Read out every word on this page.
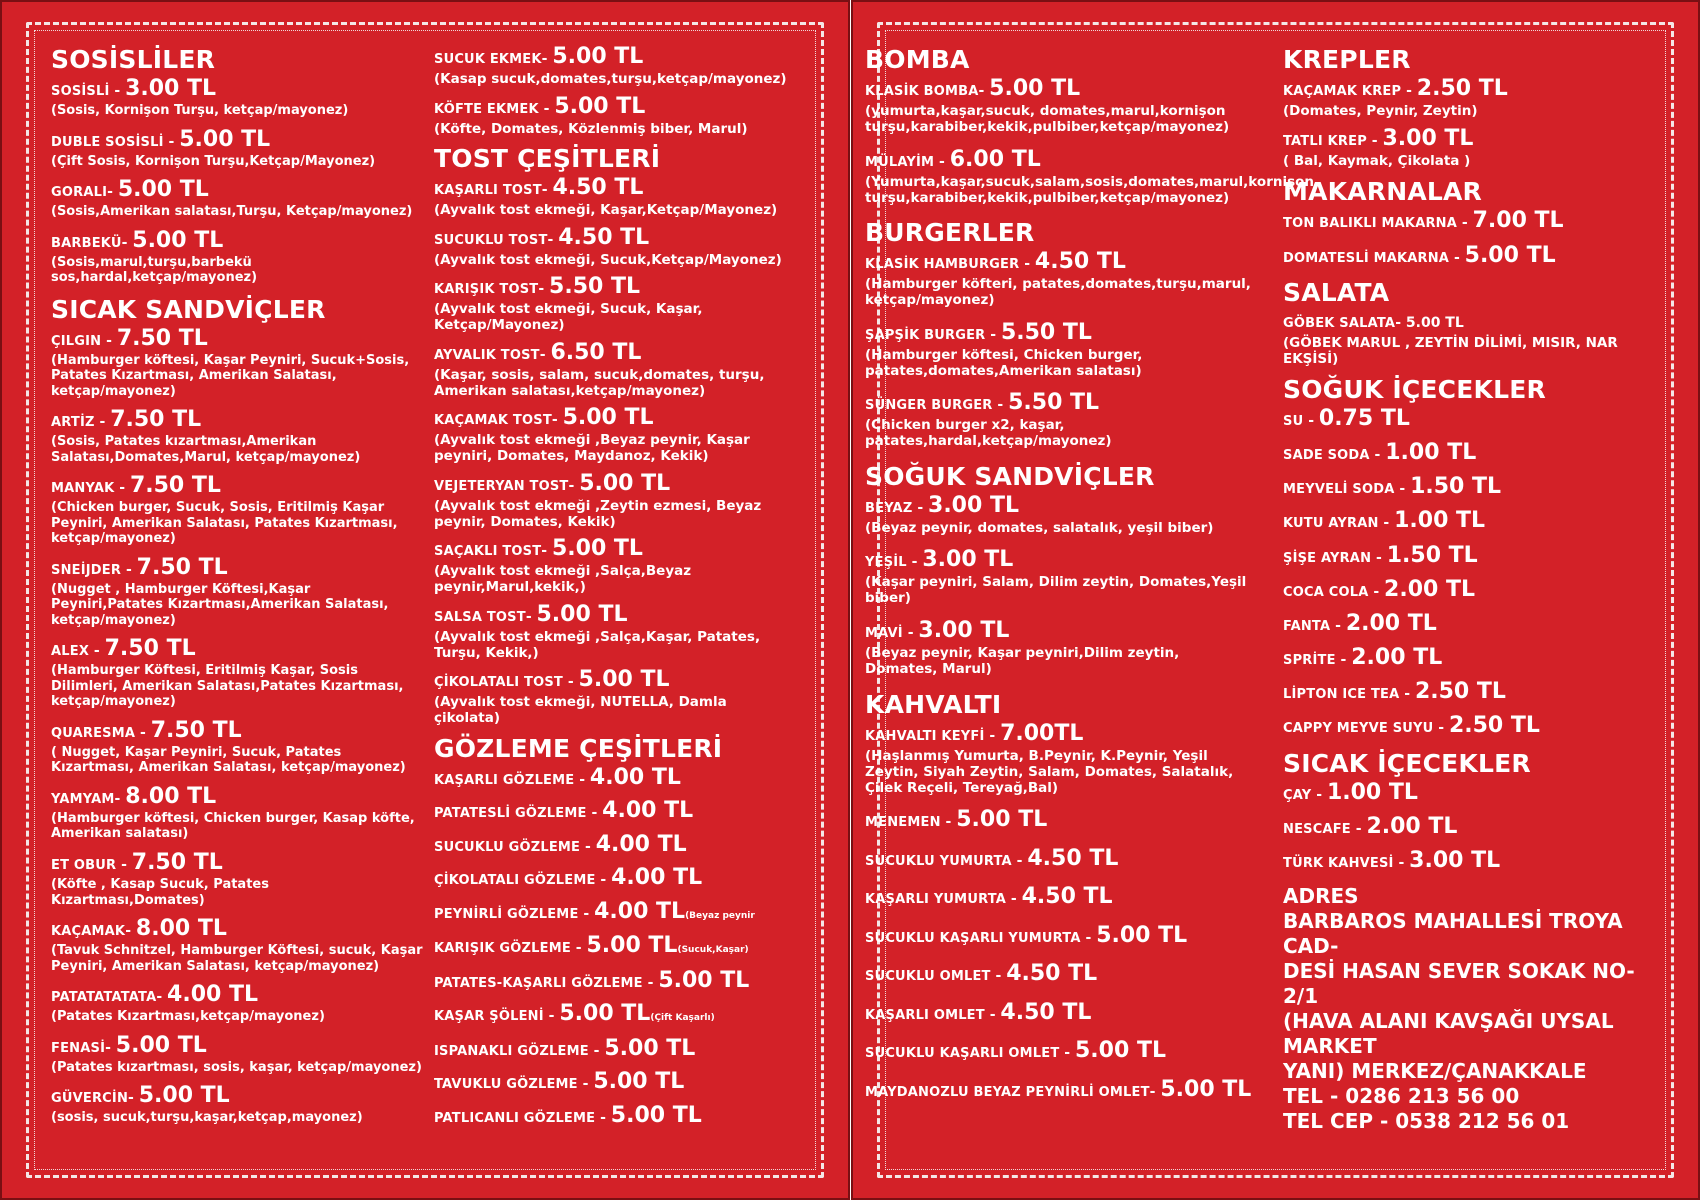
SOSİSLİLER
SOSİSLİ - 3.00 TL
(Sosis, Kornişon Turşu, ketçap/mayonez)
DUBLE SOSİSLİ - 5.00 TL
(Çift Sosis, Kornişon Turşu,Ketçap/Mayonez)
GORALI- 5.00 TL
(Sosis,Amerikan salatası,Turşu, Ketçap/mayonez)
BARBEKÜ- 5.00 TL
(Sosis,marul,turşu,barbekü sos,hardal,ketçap/mayonez)
SICAK SANDVİÇLER
ÇILGIN - 7.50 TL
(Hamburger köftesi, Kaşar Peyniri, Sucuk+Sosis, Patates Kızartması, Amerikan Salatası, ketçap/mayonez)
ARTİZ - 7.50 TL
(Sosis, Patates kızartması,Amerikan Salatası,Domates,Marul, ketçap/mayonez)
MANYAK - 7.50 TL
(Chicken burger, Sucuk, Sosis, Eritilmiş Kaşar Peyniri, Amerikan Salatası, Patates Kızartması, ketçap/mayonez)
SNEİJDER - 7.50 TL
(Nugget , Hamburger Köftesi,Kaşar Peyniri,Patates Kızartması,Amerikan Salatası, ketçap/mayonez)
ALEX - 7.50 TL
(Hamburger Köftesi, Eritilmiş Kaşar, Sosis Dilimleri, Amerikan Salatası,Patates Kızartması, ketçap/mayonez)
QUARESMA - 7.50 TL
( Nugget, Kaşar Peyniri, Sucuk, Patates Kızartması, Amerikan Salatası, ketçap/mayonez)
YAMYAM- 8.00 TL
(Hamburger köftesi, Chicken burger, Kasap köfte, Amerikan salatası)
ET OBUR - 7.50 TL
(Köfte , Kasap Sucuk, Patates Kızartması,Domates)
KAÇAMAK- 8.00 TL
(Tavuk Schnitzel, Hamburger Köftesi, sucuk, Kaşar Peyniri, Amerikan Salatası, ketçap/mayonez)
PATATATATATA- 4.00 TL
(Patates Kızartması,ketçap/mayonez)
FENASİ- 5.00 TL
(Patates kızartması, sosis, kaşar, ketçap/mayonez)
GÜVERCİN- 5.00 TL
(sosis, sucuk,turşu,kaşar,ketçap,mayonez)
SUCUK EKMEK- 5.00 TL
(Kasap sucuk,domates,turşu,ketçap/mayonez)
KÖFTE EKMEK - 5.00 TL
(Köfte, Domates, Közlenmiş biber, Marul)
TOST ÇEŞİTLERİ
KAŞARLI TOST- 4.50 TL
(Ayvalık tost ekmeği, Kaşar,Ketçap/Mayonez)
SUCUKLU TOST- 4.50 TL
(Ayvalık tost ekmeği, Sucuk,Ketçap/Mayonez)
KARIŞIK TOST- 5.50 TL
(Ayvalık tost ekmeği, Sucuk, Kaşar, Ketçap/Mayonez)
AYVALIK TOST- 6.50 TL
(Kaşar, sosis, salam, sucuk,domates, turşu, Amerikan salatası,ketçap/mayonez)
KAÇAMAK TOST- 5.00 TL
(Ayvalık tost ekmeği ,Beyaz peynir, Kaşar peyniri, Domates, Maydanoz, Kekik)
VEJETERYAN TOST- 5.00 TL
(Ayvalık tost ekmeği ,Zeytin ezmesi, Beyaz peynir, Domates, Kekik)
SAÇAKLI TOST- 5.00 TL
(Ayvalık tost ekmeği ,Salça,Beyaz peynir,Marul,kekik,)
SALSA TOST- 5.00 TL
(Ayvalık tost ekmeği ,Salça,Kaşar, Patates, Turşu, Kekik,)
ÇİKOLATALI TOST - 5.00 TL
(Ayvalık tost ekmeği, NUTELLA, Damla çikolata)
GÖZLEME ÇEŞİTLERİ
KAŞARLI GÖZLEME - 4.00 TL
PATATESLİ GÖZLEME - 4.00 TL
SUCUKLU GÖZLEME - 4.00 TL
ÇİKOLATALI GÖZLEME - 4.00 TL
PEYNİRLİ GÖZLEME - 4.00 TL(Beyaz peynir
KARIŞIK GÖZLEME - 5.00 TL(Sucuk,Kaşar)
PATATES-KAŞARLI GÖZLEME - 5.00 TL
KAŞAR ŞÖLENİ - 5.00 TL(Çift Kaşarlı)
ISPANAKLI GÖZLEME - 5.00 TL
TAVUKLU GÖZLEME - 5.00 TL
PATLICANLI GÖZLEME - 5.00 TL
BOMBA
KLASİK BOMBA- 5.00 TL
(yumurta,kaşar,sucuk, domates,marul,kornişon turşu,karabiber,kekik,pulbiber,ketçap/mayonez)
MÜLAYİM - 6.00 TL
(Yumurta,kaşar,sucuk,salam,sosis,domates,marul,kornişon turşu,karabiber,kekik,pulbiber,ketçap/mayonez)
BURGERLER
KLASİK HAMBURGER - 4.50 TL
(Hamburger köfteri, patates,domates,turşu,marul, ketçap/mayonez)
ŞAPŞİK BURGER - 5.50 TL
(Hamburger köftesi, Chicken burger, patates,domates,Amerikan salatası)
SÜNGER BURGER - 5.50 TL
(Chicken burger x2, kaşar, patates,hardal,ketçap/mayonez)
SOĞUK SANDVİÇLER
BEYAZ - 3.00 TL
(Beyaz peynir, domates, salatalık, yeşil biber)
YEŞİL - 3.00 TL
(Kaşar peyniri, Salam, Dilim zeytin, Domates,Yeşil biber)
MAVİ - 3.00 TL
(Beyaz peynir, Kaşar peyniri,Dilim zeytin, Domates, Marul)
KAHVALTI
KAHVALTI KEYFİ - 7.00TL
(Haşlanmış Yumurta, B.Peynir, K.Peynir, Yeşil Zeytin, Siyah Zeytin, Salam, Domates, Salatalık, Çilek Reçeli, Tereyağ,Bal)
MENEMEN - 5.00 TL
SUCUKLU YUMURTA - 4.50 TL
KAŞARLI YUMURTA - 4.50 TL
SUCUKLU KAŞARLI YUMURTA - 5.00 TL
SUCUKLU OMLET - 4.50 TL
KAŞARLI OMLET - 4.50 TL
SUCUKLU KAŞARLI OMLET - 5.00 TL
MAYDANOZLU BEYAZ PEYNİRLİ OMLET- 5.00 TL
KREPLER
KAÇAMAK KREP - 2.50 TL
(Domates, Peynir, Zeytin)
TATLI KREP - 3.00 TL
( Bal, Kaymak, Çikolata )
MAKARNALAR
TON BALIKLI MAKARNA - 7.00 TL
DOMATESLİ MAKARNA - 5.00 TL
SALATA
GÖBEK SALATA- 5.00 TL
(GÖBEK MARUL , ZEYTİN DİLİMİ, MISIR, NAR EKŞİSİ)
SOĞUK İÇECEKLER
SU - 0.75 TL
SADE SODA - 1.00 TL
MEYVELİ SODA - 1.50 TL
KUTU AYRAN - 1.00 TL
ŞİŞE AYRAN - 1.50 TL
COCA COLA - 2.00 TL
FANTA - 2.00 TL
SPRİTE - 2.00 TL
LİPTON ICE TEA - 2.50 TL
CAPPY MEYVE SUYU - 2.50 TL
SICAK İÇECEKLER
ÇAY - 1.00 TL
NESCAFE - 2.00 TL
TÜRK KAHVESİ - 3.00 TL
ADRES
BARBAROS MAHALLESİ TROYA CAD-
DESİ HASAN SEVER SOKAK NO- 2/1
(HAVA ALANI KAVŞAĞI UYSAL MARKET
YANI) MERKEZ/ÇANAKKALE
TEL - 0286 213 56 00
TEL CEP - 0538 212 56 01
